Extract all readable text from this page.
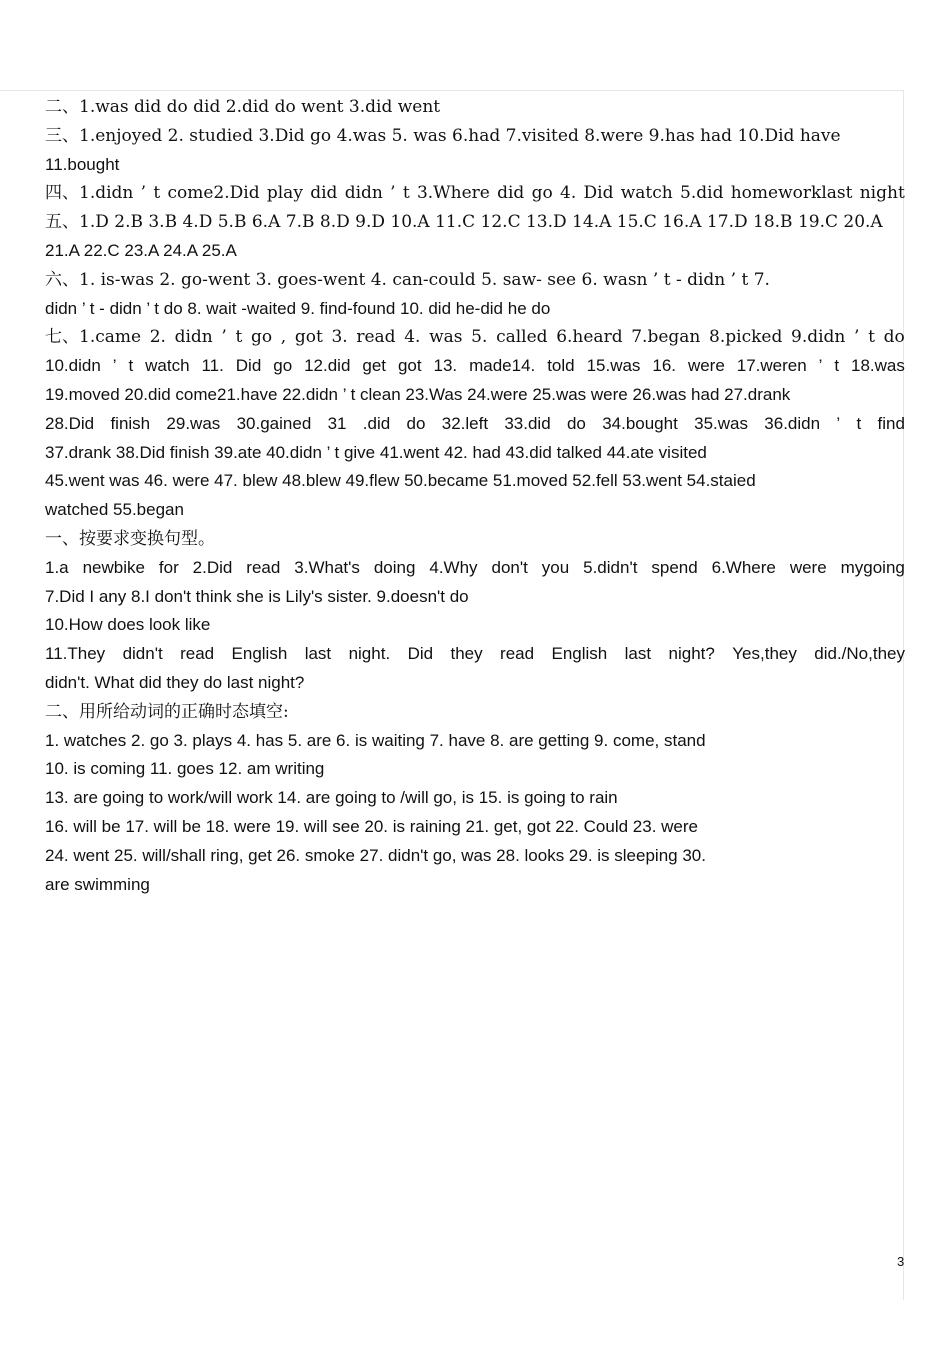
二、1.was did do did 2.did do went 3.did went
三、1.enjoyed 2. studied 3.Did go 4.was 5. was 6.had 7.visited 8.were 9.has had 10.Did have
11.bought
四、1.didn ’ t come2.Did play did didn ’ t 3.Where did go 4. Did watch 5.did homeworklast night
五、1.D 2.B 3.B 4.D 5.B 6.A 7.B 8.D 9.D 10.A 11.C 12.C 13.D 14.A 15.C 16.A 17.D 18.B 19.C 20.A
21.A 22.C 23.A 24.A 25.A
六、1. is-was 2. go-went 3. goes-went 4. can-could 5. saw- see 6. wasn ’ t - didn ’ t 7.
didn ’ t - didn ’ t do 8. wait -waited 9. find-found 10. did he-did he do
七、1.came 2. didn ’ t go , got 3. read 4. was 5. called 6.heard 7.began 8.picked 9.didn ’ t do
10.didn ’ t watch 11. Did go 12.did get got 13. made14. told 15.was 16. were 17.weren ’ t 18.was
19.moved 20.did come21.have 22.didn ’ t clean 23.Was 24.were 25.was were 26.was had 27.drank
28.Did finish 29.was 30.gained 31 .did do 32.left 33.did do 34.bought 35.was 36.didn ’ t find
37.drank 38.Did finish 39.ate 40.didn ’ t give 41.went 42. had 43.did talked 44.ate visited
45.went was 46. were 47. blew 48.blew 49.flew 50.became 51.moved 52.fell 53.went 54.staied
watched 55.began
一、按要求变换句型。
1.a newbike for 2.Did read 3.What's doing 4.Why don't you 5.didn't spend 6.Where were mygoing
7.Did I any 8.I don't think she is Lily's sister. 9.doesn't do
10.How does look like
11.They didn't read English last night. Did they read English last night? Yes,they did./No,they
didn't. What did they do last night?
二、用所给动词的正确时态填空:
1. watches 2. go 3. plays 4. has 5. are 6. is waiting 7. have 8. are getting 9. come, stand
10. is coming 11. goes 12. am writing
13. are going to work/will work 14. are going to /will go, is 15. is going to rain
16. will be 17. will be 18. were 19. will see 20. is raining 21. get, got 22. Could 23. were
24. went 25. will/shall ring, get 26. smoke 27. didn't go, was 28. looks 29. is sleeping 30.
are swimming
3
